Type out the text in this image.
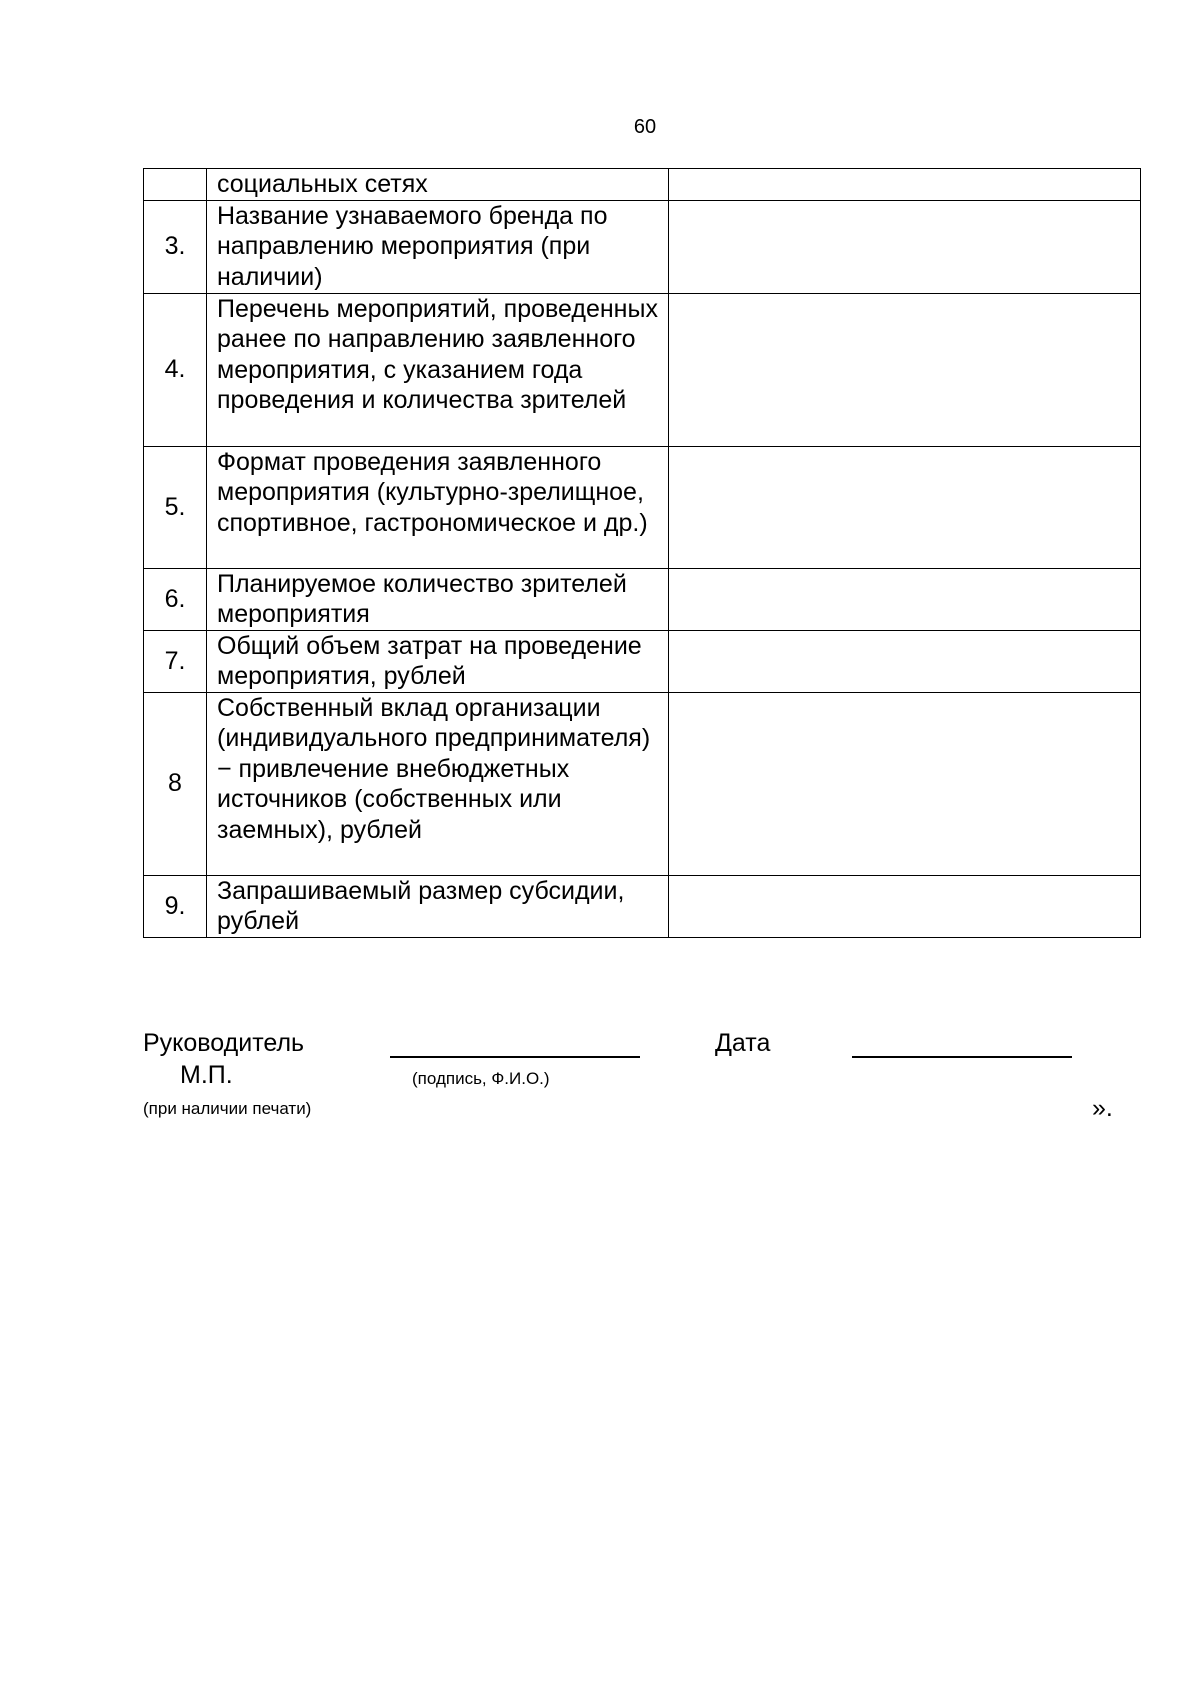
60
	социальных сетях	
3.	Название узнаваемого бренда по направлению мероприятия (при наличии)	
4.	Перечень мероприятий, проведенных ранее по направлению заявленного мероприятия, с указанием года проведения и количества зрителей	
5.	Формат проведения заявленного мероприятия (культурно-зрелищное, спортивное, гастрономическое и др.)	
6.	Планируемое количество зрителей мероприятия	
7.	Общий объем затрат на проведение мероприятия, рублей	
8	Собственный вклад организации (индивидуального предпринимателя) − привлечение внебюджетных источников (собственных или заемных), рублей	
9.	Запрашиваемый размер субсидии, рублей	
Руководитель
(подпись, Ф.И.О.)
Дата
М.П.
(при наличии печати)	».
